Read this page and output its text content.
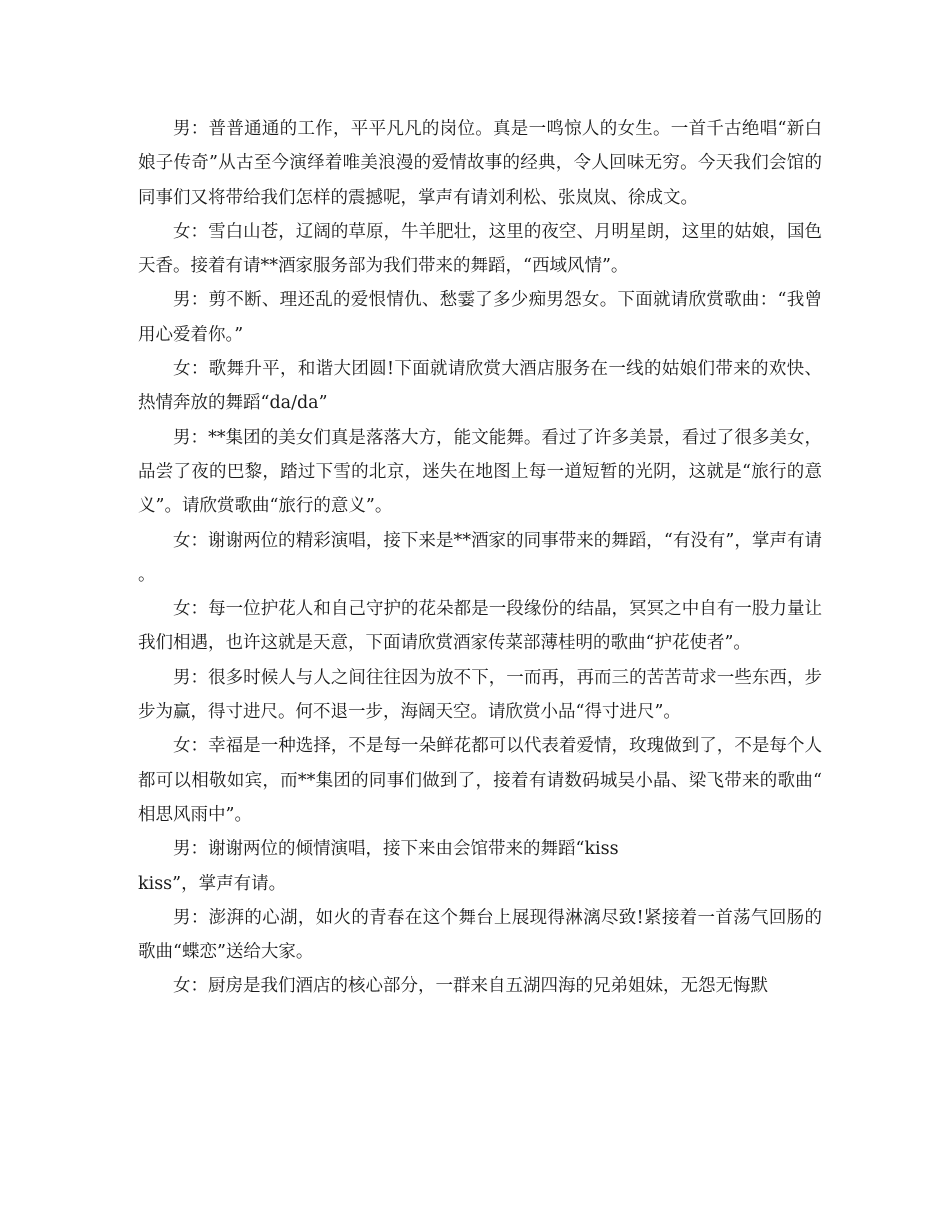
男：普普通通的工作，平平凡凡的岗位。真是一鸣惊人的女生。一首千古绝唱“新白娘子传奇”从古至今演绎着唯美浪漫的爱情故事的经典，令人回味无穷。今天我们会馆的同事们又将带给我们怎样的震撼呢，掌声有请刘利松、张岚岚、徐成文。

女：雪白山苍，辽阔的草原，牛羊肥壮，这里的夜空、月明星朗，这里的姑娘，国色天香。接着有请**酒家服务部为我们带来的舞蹈，“西域风情”。

男：剪不断、理还乱的爱恨情仇、愁霎了多少痴男怨女。下面就请欣赏歌曲：“我曾用心爱着你。”

女：歌舞升平，和谐大团圆!下面就请欣赏大酒店服务在一线的姑娘们带来的欢快、热情奔放的舞蹈“da/da”

男：**集团的美女们真是落落大方，能文能舞。看过了许多美景，看过了很多美女，品尝了夜的巴黎，踏过下雪的北京，迷失在地图上每一道短暂的光阴，这就是“旅行的意义”。请欣赏歌曲“旅行的意义”。

女：谢谢两位的精彩演唱，接下来是**酒家的同事带来的舞蹈，“有没有”，掌声有请。

女：每一位护花人和自己守护的花朵都是一段缘份的结晶，冥冥之中自有一股力量让我们相遇，也许这就是天意，下面请欣赏酒家传菜部薄桂明的歌曲“护花使者”。

男：很多时候人与人之间往往因为放不下，一而再，再而三的苦苦苛求一些东西，步步为赢，得寸进尺。何不退一步，海阔天空。请欣赏小品“得寸进尺”。

女：幸福是一种选择，不是每一朵鲜花都可以代表着爱情，玫瑰做到了，不是每个人都可以相敬如宾，而**集团的同事们做到了，接着有请数码城吴小晶、梁飞带来的歌曲“相思风雨中”。

男：谢谢两位的倾情演唱，接下来由会馆带来的舞蹈“kiss

kiss”，掌声有请。

男：澎湃的心湖，如火的青春在这个舞台上展现得淋漓尽致!紧接着一首荡气回肠的歌曲“蝶恋”送给大家。

女：厨房是我们酒店的核心部分，一群来自五湖四海的兄弟姐妹，无怨无悔默
